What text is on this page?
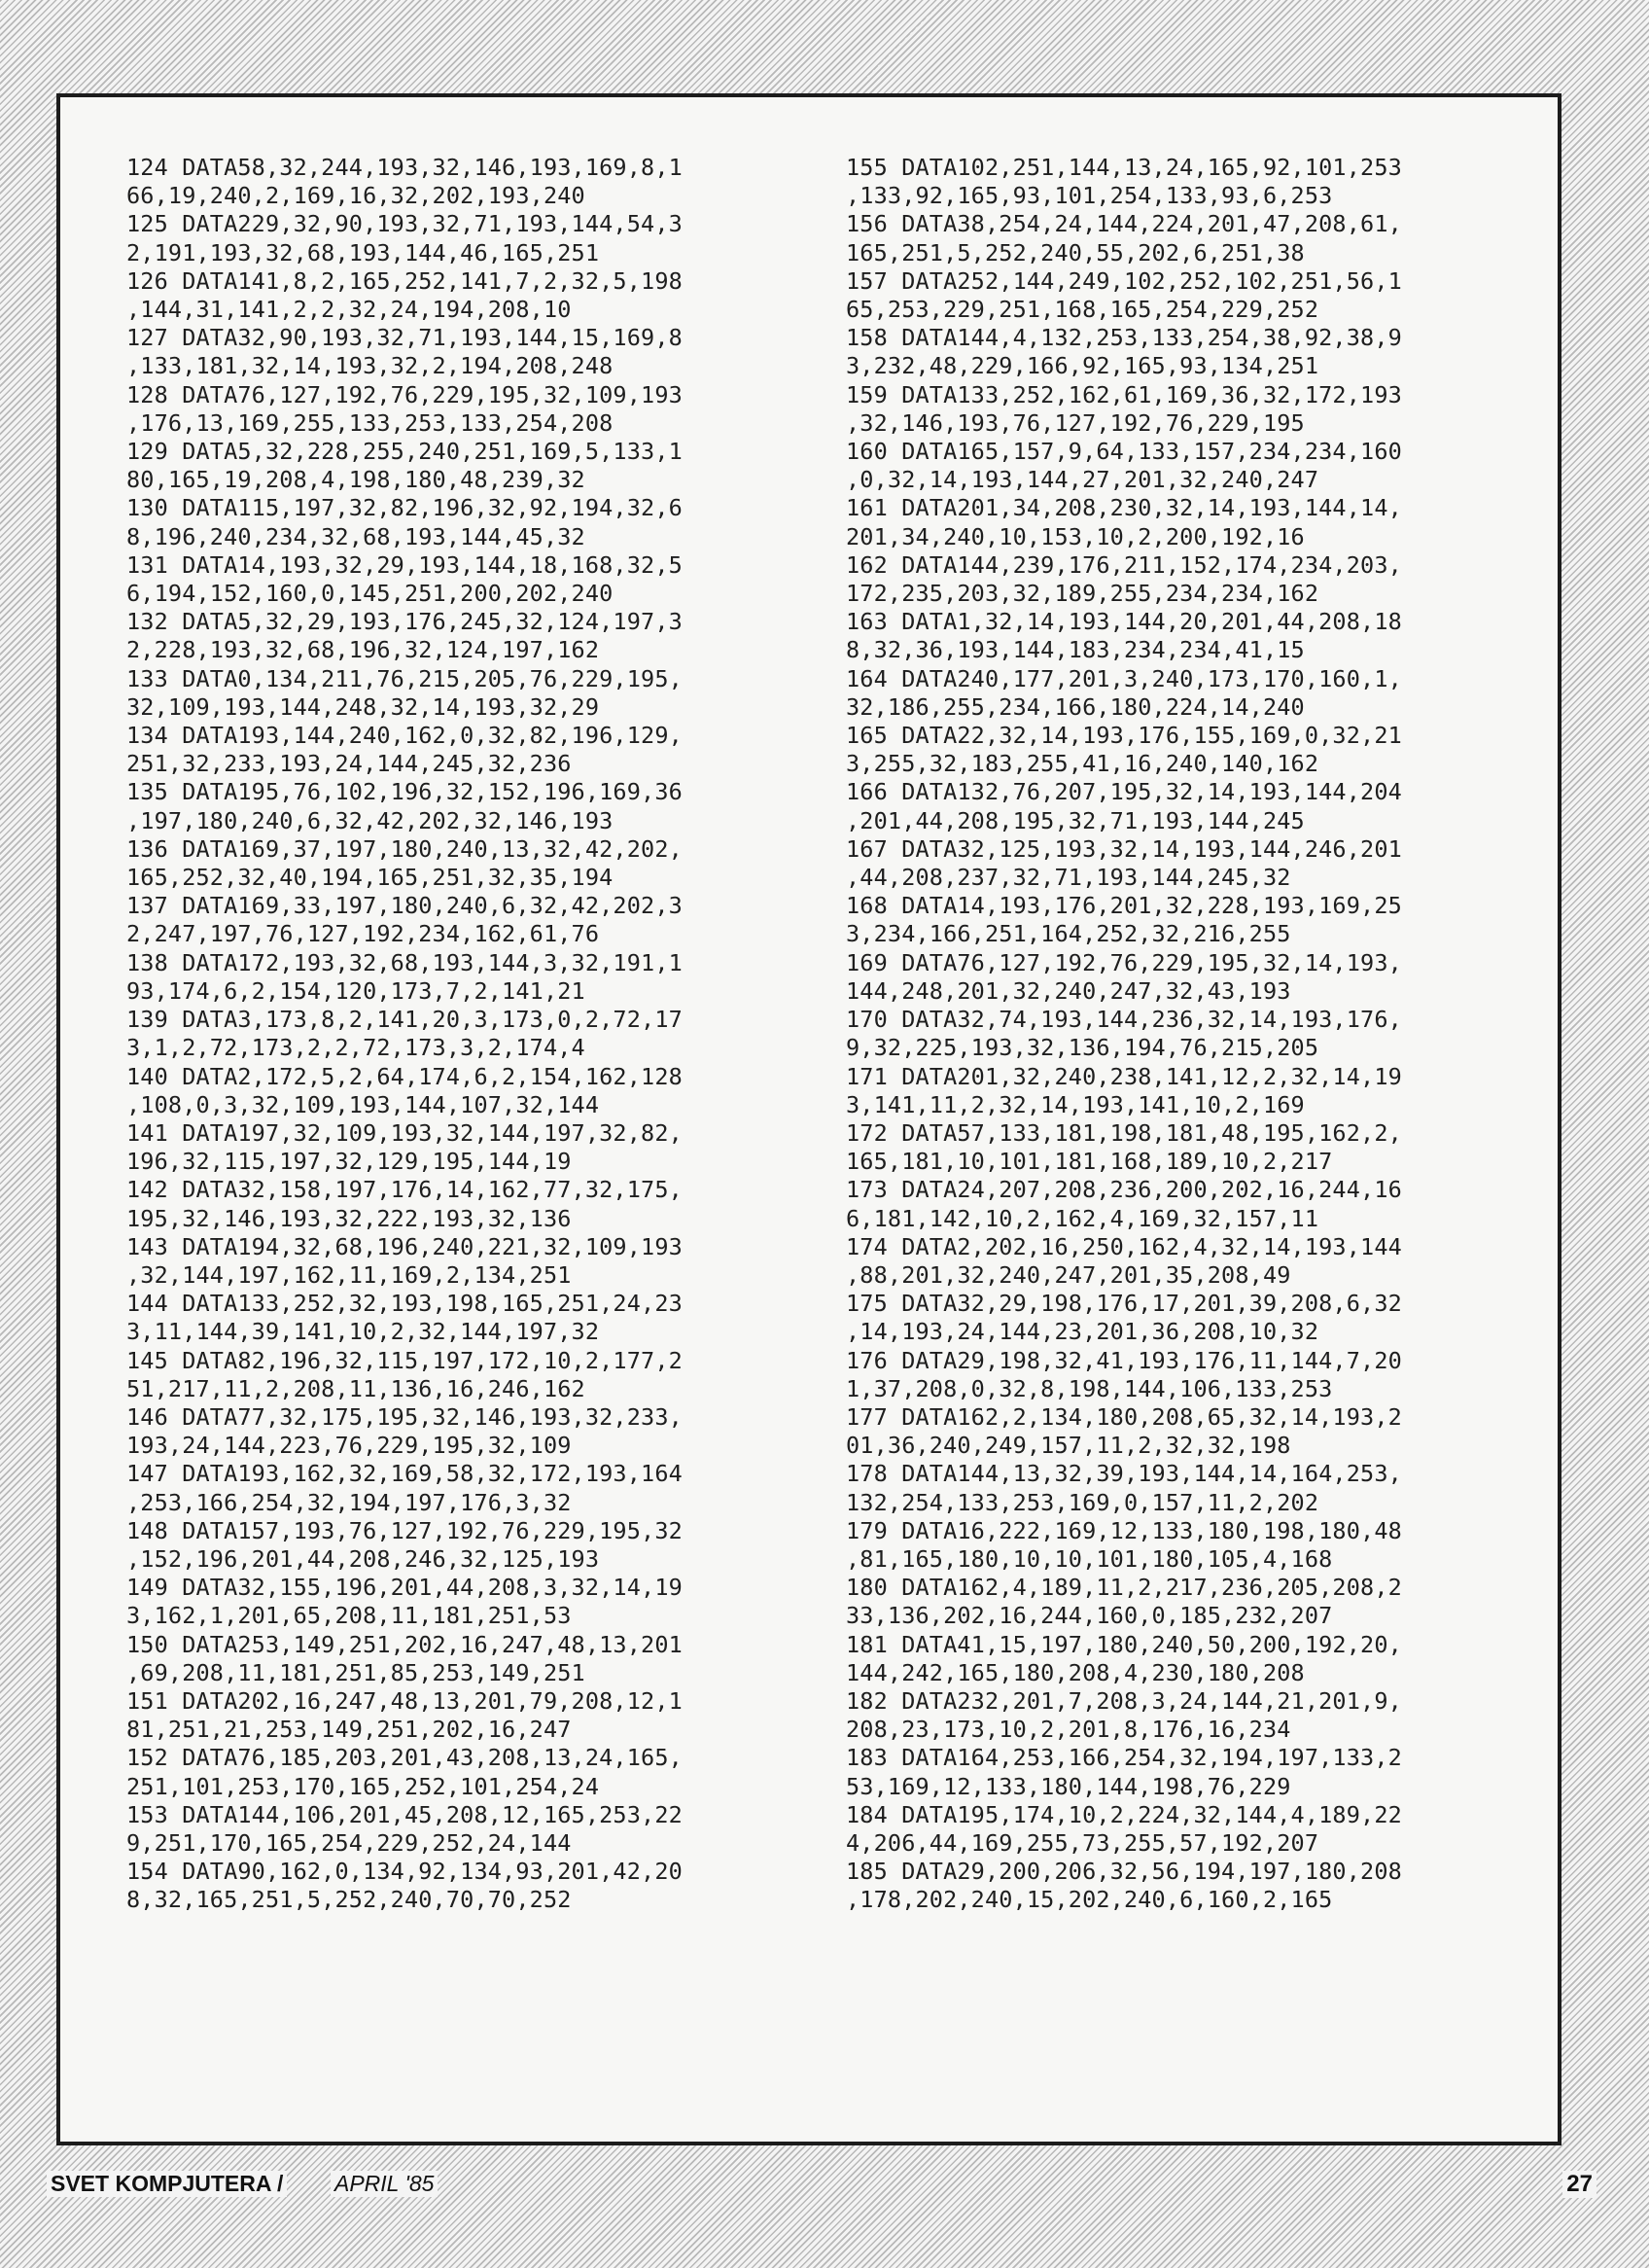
124 DATA58,32,244,193,32,146,193,169,8,1
66,19,240,2,169,16,32,202,193,240
125 DATA229,32,90,193,32,71,193,144,54,3
2,191,193,32,68,193,144,46,165,251
126 DATA141,8,2,165,252,141,7,2,32,5,198
,144,31,141,2,2,32,24,194,208,10
127 DATA32,90,193,32,71,193,144,15,169,8
,133,181,32,14,193,32,2,194,208,248
128 DATA76,127,192,76,229,195,32,109,193
,176,13,169,255,133,253,133,254,208
129 DATA5,32,228,255,240,251,169,5,133,1
80,165,19,208,4,198,180,48,239,32
130 DATA115,197,32,82,196,32,92,194,32,6
8,196,240,234,32,68,193,144,45,32
131 DATA14,193,32,29,193,144,18,168,32,5
6,194,152,160,0,145,251,200,202,240
132 DATA5,32,29,193,176,245,32,124,197,3
2,228,193,32,68,196,32,124,197,162
133 DATA0,134,211,76,215,205,76,229,195,
32,109,193,144,248,32,14,193,32,29
134 DATA193,144,240,162,0,32,82,196,129,
251,32,233,193,24,144,245,32,236
135 DATA195,76,102,196,32,152,196,169,36
,197,180,240,6,32,42,202,32,146,193
136 DATA169,37,197,180,240,13,32,42,202,
165,252,32,40,194,165,251,32,35,194
137 DATA169,33,197,180,240,6,32,42,202,3
2,247,197,76,127,192,234,162,61,76
138 DATA172,193,32,68,193,144,3,32,191,1
93,174,6,2,154,120,173,7,2,141,21
139 DATA3,173,8,2,141,20,3,173,0,2,72,17
3,1,2,72,173,2,2,72,173,3,2,174,4
140 DATA2,172,5,2,64,174,6,2,154,162,128
,108,0,3,32,109,193,144,107,32,144
141 DATA197,32,109,193,32,144,197,32,82,
196,32,115,197,32,129,195,144,19
142 DATA32,158,197,176,14,162,77,32,175,
195,32,146,193,32,222,193,32,136
143 DATA194,32,68,196,240,221,32,109,193
,32,144,197,162,11,169,2,134,251
144 DATA133,252,32,193,198,165,251,24,23
3,11,144,39,141,10,2,32,144,197,32
145 DATA82,196,32,115,197,172,10,2,177,2
51,217,11,2,208,11,136,16,246,162
146 DATA77,32,175,195,32,146,193,32,233,
193,24,144,223,76,229,195,32,109
147 DATA193,162,32,169,58,32,172,193,164
,253,166,254,32,194,197,176,3,32
148 DATA157,193,76,127,192,76,229,195,32
,152,196,201,44,208,246,32,125,193
149 DATA32,155,196,201,44,208,3,32,14,19
3,162,1,201,65,208,11,181,251,53
150 DATA253,149,251,202,16,247,48,13,201
,69,208,11,181,251,85,253,149,251
151 DATA202,16,247,48,13,201,79,208,12,1
81,251,21,253,149,251,202,16,247
152 DATA76,185,203,201,43,208,13,24,165,
251,101,253,170,165,252,101,254,24
153 DATA144,106,201,45,208,12,165,253,22
9,251,170,165,254,229,252,24,144
154 DATA90,162,0,134,92,134,93,201,42,20
8,32,165,251,5,252,240,70,70,252
155 DATA102,251,144,13,24,165,92,101,253
,133,92,165,93,101,254,133,93,6,253
156 DATA38,254,24,144,224,201,47,208,61,
165,251,5,252,240,55,202,6,251,38
157 DATA252,144,249,102,252,102,251,56,1
65,253,229,251,168,165,254,229,252
158 DATA144,4,132,253,133,254,38,92,38,9
3,232,48,229,166,92,165,93,134,251
159 DATA133,252,162,61,169,36,32,172,193
,32,146,193,76,127,192,76,229,195
160 DATA165,157,9,64,133,157,234,234,160
,0,32,14,193,144,27,201,32,240,247
161 DATA201,34,208,230,32,14,193,144,14,
201,34,240,10,153,10,2,200,192,16
162 DATA144,239,176,211,152,174,234,203,
172,235,203,32,189,255,234,234,162
163 DATA1,32,14,193,144,20,201,44,208,18
8,32,36,193,144,183,234,234,41,15
164 DATA240,177,201,3,240,173,170,160,1,
32,186,255,234,166,180,224,14,240
165 DATA22,32,14,193,176,155,169,0,32,21
3,255,32,183,255,41,16,240,140,162
166 DATA132,76,207,195,32,14,193,144,204
,201,44,208,195,32,71,193,144,245
167 DATA32,125,193,32,14,193,144,246,201
,44,208,237,32,71,193,144,245,32
168 DATA14,193,176,201,32,228,193,169,25
3,234,166,251,164,252,32,216,255
169 DATA76,127,192,76,229,195,32,14,193,
144,248,201,32,240,247,32,43,193
170 DATA32,74,193,144,236,32,14,193,176,
9,32,225,193,32,136,194,76,215,205
171 DATA201,32,240,238,141,12,2,32,14,19
3,141,11,2,32,14,193,141,10,2,169
172 DATA57,133,181,198,181,48,195,162,2,
165,181,10,101,181,168,189,10,2,217
173 DATA24,207,208,236,200,202,16,244,16
6,181,142,10,2,162,4,169,32,157,11
174 DATA2,202,16,250,162,4,32,14,193,144
,88,201,32,240,247,201,35,208,49
175 DATA32,29,198,176,17,201,39,208,6,32
,14,193,24,144,23,201,36,208,10,32
176 DATA29,198,32,41,193,176,11,144,7,20
1,37,208,0,32,8,198,144,106,133,253
177 DATA162,2,134,180,208,65,32,14,193,2
01,36,240,249,157,11,2,32,32,198
178 DATA144,13,32,39,193,144,14,164,253,
132,254,133,253,169,0,157,11,2,202
179 DATA16,222,169,12,133,180,198,180,48
,81,165,180,10,10,101,180,105,4,168
180 DATA162,4,189,11,2,217,236,205,208,2
33,136,202,16,244,160,0,185,232,207
181 DATA41,15,197,180,240,50,200,192,20,
144,242,165,180,208,4,230,180,208
182 DATA232,201,7,208,3,24,144,21,201,9,
208,23,173,10,2,201,8,176,16,234
183 DATA164,253,166,254,32,194,197,133,2
53,169,12,133,180,144,198,76,229
184 DATA195,174,10,2,224,32,144,4,189,22
4,206,44,169,255,73,255,57,192,207
185 DATA29,200,206,32,56,194,197,180,208
,178,202,240,15,202,240,6,160,2,165
SVET KOMPJUTERA / APRIL '85	27
